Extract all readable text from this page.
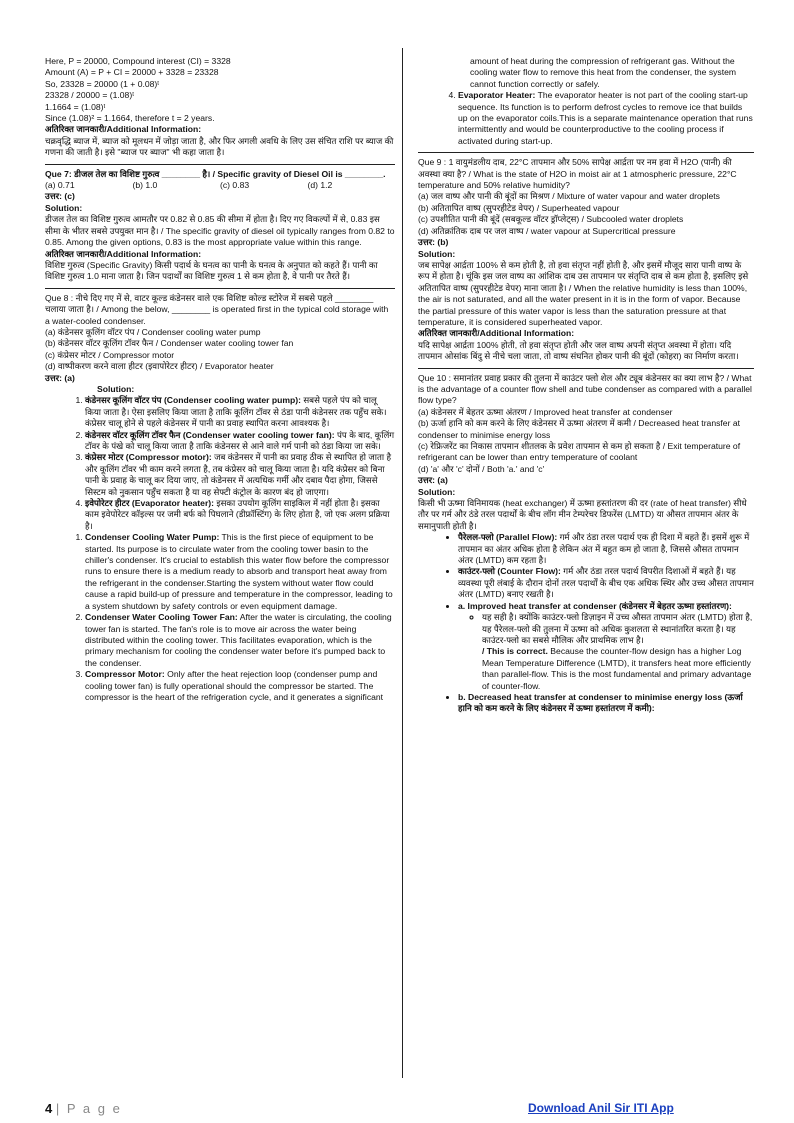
Here, P = 20000, Compound interest (CI) = 3328

Amount (A) = P + CI = 20000 + 3328 = 23328

So, 23328 = 20000 (1 + 0.08)ᵗ

23328 / 20000 = (1.08)ᵗ

1.1664 = (1.08)ᵗ

Since (1.08)² = 1.1664, therefore t = 2 years.

अतिरिक्त जानकारी/Additional Information:

चक्रवृद्धि ब्याज में, ब्याज को मूलधन में जोड़ा जाता है, और फिर अगली अवधि के लिए उस संचित राशि पर ब्याज की गणना की जाती है। इसे "ब्याज पर ब्याज" भी कहा जाता है।

Que 7: डीजल तेल का विशिष्ट गुरुत्व ________ है। / Specific gravity of Diesel Oil is ________.

(a) 0.71	(b) 1.0	(c) 0.83	(d) 1.2

उत्तर: (c)

Solution:

डीजल तेल का विशिष्ट गुरुत्व आमतौर पर 0.82 से 0.85 की सीमा में होता है। दिए गए विकल्पों में से, 0.83 इस सीमा के भीतर सबसे उपयुक्त मान है। / The specific gravity of diesel oil typically ranges from 0.82 to 0.85. Among the given options, 0.83 is the most appropriate value within this range.

अतिरिक्त जानकारी/Additional Information:

विशिष्ट गुरुत्व (Specific Gravity) किसी पदार्थ के घनत्व का पानी के घनत्व के अनुपात को कहते हैं। पानी का विशिष्ट गुरुत्व 1.0 माना जाता है। जिन पदार्थों का विशिष्ट गुरुत्व 1 से कम होता है, वे पानी पर तैरते हैं।

Que 8 : नीचे दिए गए में से, वाटर कूल्ड कंडेनसर वाले एक विशिष्ट कोल्ड स्टोरेज में सबसे पहले ________ चलाया जाता है। / Among the below, ________ is operated first in the typical cold storage with a water-cooled condenser.

(a) कंडेनसर कूलिंग वॉटर पंप / Condenser cooling water pump

(b) कंडेनसर वॉटर कूलिंग टॉवर फैन / Condenser water cooling tower fan

(c) कंप्रेसर मोटर / Compressor motor

(d) वाष्पीकरण करने वाला हीटर (इवापोरेटर हीटर) / Evaporator heater

उत्तर: (a)

Solution:
1. कंडेनसर कूलिंग वॉटर पंप (Condenser cooling water pump): सबसे पहले पंप को चालू किया जाता है। ऐसा इसलिए किया जाता है ताकि कूलिंग टॉवर से ठंडा पानी कंडेनसर तक पहुँच सके। कंप्रेसर चालू होने से पहले कंडेनसर में पानी का प्रवाह स्थापित करना आवश्यक है।
2. कंडेनसर वॉटर कूलिंग टॉवर फैन (Condenser water cooling tower fan): पंप के बाद, कूलिंग टॉवर के पंखे को चालू किया जाता है ताकि कंडेनसर से आने वाले गर्म पानी को ठंडा किया जा सके।
3. कंप्रेसर मोटर (Compressor motor): जब कंडेनसर में पानी का प्रवाह ठीक से स्थापित हो जाता है और कूलिंग टॉवर भी काम करने लगता है, तब कंप्रेसर को चालू किया जाता है। यदि कंप्रेसर को बिना पानी के प्रवाह के चालू कर दिया जाए, तो कंडेनसर में अत्यधिक गर्मी और दबाव पैदा होगा, जिससे सिस्टम को नुकसान पहुँच सकता है या वह सेफ्टी कंट्रोल के कारण बंद हो जाएगा।
4. इवेपोरेटर हीटर (Evaporator heater): इसका उपयोग कूलिंग साइकिल में नहीं होता है। इसका काम इवेपोरेटर कॉइल्स पर जमी बर्फ को पिघलाने (डीफ्रॉस्टिंग) के लिए होता है, जो एक अलग प्रक्रिया है।
1. Condenser Cooling Water Pump: This is the first piece of equipment to be started. Its purpose is to circulate water from the cooling tower basin to the chiller's condenser. It's crucial to establish this water flow before the compressor runs to ensure there is a medium ready to absorb and transport heat away from the refrigerant in the condenser.Starting the system without water flow could cause a rapid build-up of pressure and temperature in the compressor, leading to a system shutdown by safety controls or even equipment damage.
2. Condenser Water Cooling Tower Fan: After the water is circulating, the cooling tower fan is started. The fan's role is to move air across the water being distributed within the cooling tower. This facilitates evaporation, which is the primary mechanism for cooling the condenser water before it's pumped back to the condenser.
3. Compressor Motor: Only after the heat rejection loop (condenser pump and cooling tower fan) is fully operational should the compressor be started. The compressor is the heart of the refrigeration cycle, and it generates a significant

amount of heat during the compression of refrigerant gas. Without the cooling water flow to remove this heat from the condenser, the system cannot function correctly or safely.

4. Evaporator Heater: The evaporator heater is not part of the cooling start-up sequence. Its function is to perform defrost cycles to remove ice that builds up on the evaporator coils.This is a separate maintenance operation that runs intermittently and would be counterproductive to the cooling process if activated during start-up.

Que 9 : 1 वायुमंडलीय दाब, 22°C तापमान और 50% सापेक्ष आर्द्रता पर नम हवा में H2O (पानी) की अवस्था क्या है? / What is the state of H2O in moist air at 1 atmospheric pressure, 22°C temperature and 50% relative humidity?

(a) जल वाष्प और पानी की बूंदों का मिश्रण / Mixture of water vapour and water droplets

(b) अतितापित वाष्प (सुपरहीटेड वेपर) / Superheated vapour

(c) उपशीतित पानी की बूंदें (सबकूल्ड वॉटर ड्रॉप्लेट्स) / Subcooled water droplets

(d) अतिक्रांतिक दाब पर जल वाष्प / water vapour at Supercritical pressure

उत्तर: (b)

Solution:

जब सापेक्ष आर्द्रता 100% से कम होती है, तो हवा संतृप्त नहीं होती है, और इसमें मौजूद सारा पानी वाष्प के रूप में होता है। चूंकि इस जल वाष्प का आंशिक दाब उस तापमान पर संतृप्ति दाब से कम होता है, इसलिए इसे अतितापित वाष्प (सुपरहीटेड वेपर) माना जाता है। / When the relative humidity is less than 100%, the air is not saturated, and all the water present in it is in the form of vapor. Because the partial pressure of this water vapor is less than the saturation pressure at that temperature, it is considered superheated vapor.

अतिरिक्त जानकारी/Additional Information:

यदि सापेक्ष आर्द्रता 100% होती, तो हवा संतृप्त होती और जल वाष्प अपनी संतृप्त अवस्था में होता। यदि तापमान ओसांक बिंदु से नीचे चला जाता, तो वाष्प संघनित होकर पानी की बूंदों (कोहरा) का निर्माण करता।

Que 10 : समानांतर प्रवाह प्रकार की तुलना में काउंटर फ्लो शेल और ट्यूब कंडेनसर का क्या लाभ है? / What is the advantage of a counter flow shell and tube condenser as compared with a parallel flow type?

(a) कंडेनसर में बेहतर ऊष्मा अंतरण / Improved heat transfer at condenser

(b) ऊर्जा हानि को कम करने के लिए कंडेनसर में ऊष्मा अंतरण में कमी / Decreased heat transfer at condenser to minimise energy loss

(c) रेफ्रिजरेंट का निकास तापमान शीतलक के प्रवेश तापमान से कम हो सकता है / Exit temperature of refrigerant can be lower than entry temperature of coolant

(d) 'a' और 'c' दोनों / Both 'a.' and 'c'

उत्तर: (a)

Solution:

किसी भी ऊष्मा विनिमायक (heat exchanger) में ऊष्मा हस्तांतरण की दर (rate of heat transfer) सीधे तौर पर गर्म और ठंडे तरल पदार्थों के बीच लॉग मीन टेम्परेचर डिफरेंस (LMTD) या औसत तापमान अंतर के समानुपाती होती है।

• पैरेलल-फ्लो (Parallel Flow): गर्म और ठंडा तरल पदार्थ एक ही दिशा में बहते हैं। इसमें शुरू में तापमान का अंतर अधिक होता है लेकिन अंत में बहुत कम हो जाता है, जिससे औसत तापमान अंतर (LMTD) कम रहता है।
• काउंटर-फ्लो (Counter Flow): गर्म और ठंडा तरल पदार्थ विपरीत दिशाओं में बहते हैं। यह व्यवस्था पूरी लंबाई के दौरान दोनों तरल पदार्थों के बीच एक अधिक स्थिर और उच्च औसत तापमान अंतर (LMTD) बनाए रखती है।
• a. Improved heat transfer at condenser (कंडेनसर में बेहतर ऊष्मा हस्तांतरण):
◦ यह सही है। क्योंकि काउंटर-फ्लो डिज़ाइन में उच्च औसत तापमान अंतर (LMTD) होता है, यह पैरेलल-फ्लो की तुलना में ऊष्मा को अधिक कुशलता से स्थानांतरित करता है। यह काउंटर-फ्लो का सबसे मौलिक और प्राथमिक लाभ है।
/ This is correct. Because the counter-flow design has a higher Log Mean Temperature Difference (LMTD), it transfers heat more efficiently than parallel-flow. This is the most fundamental and primary advantage of counter-flow.
• b. Decreased heat transfer at condenser to minimise energy loss (ऊर्जा हानि को कम करने के लिए कंडेनसर में ऊष्मा हस्तांतरण में कमी):
4 | P a g e	Download Anil Sir ITI App
